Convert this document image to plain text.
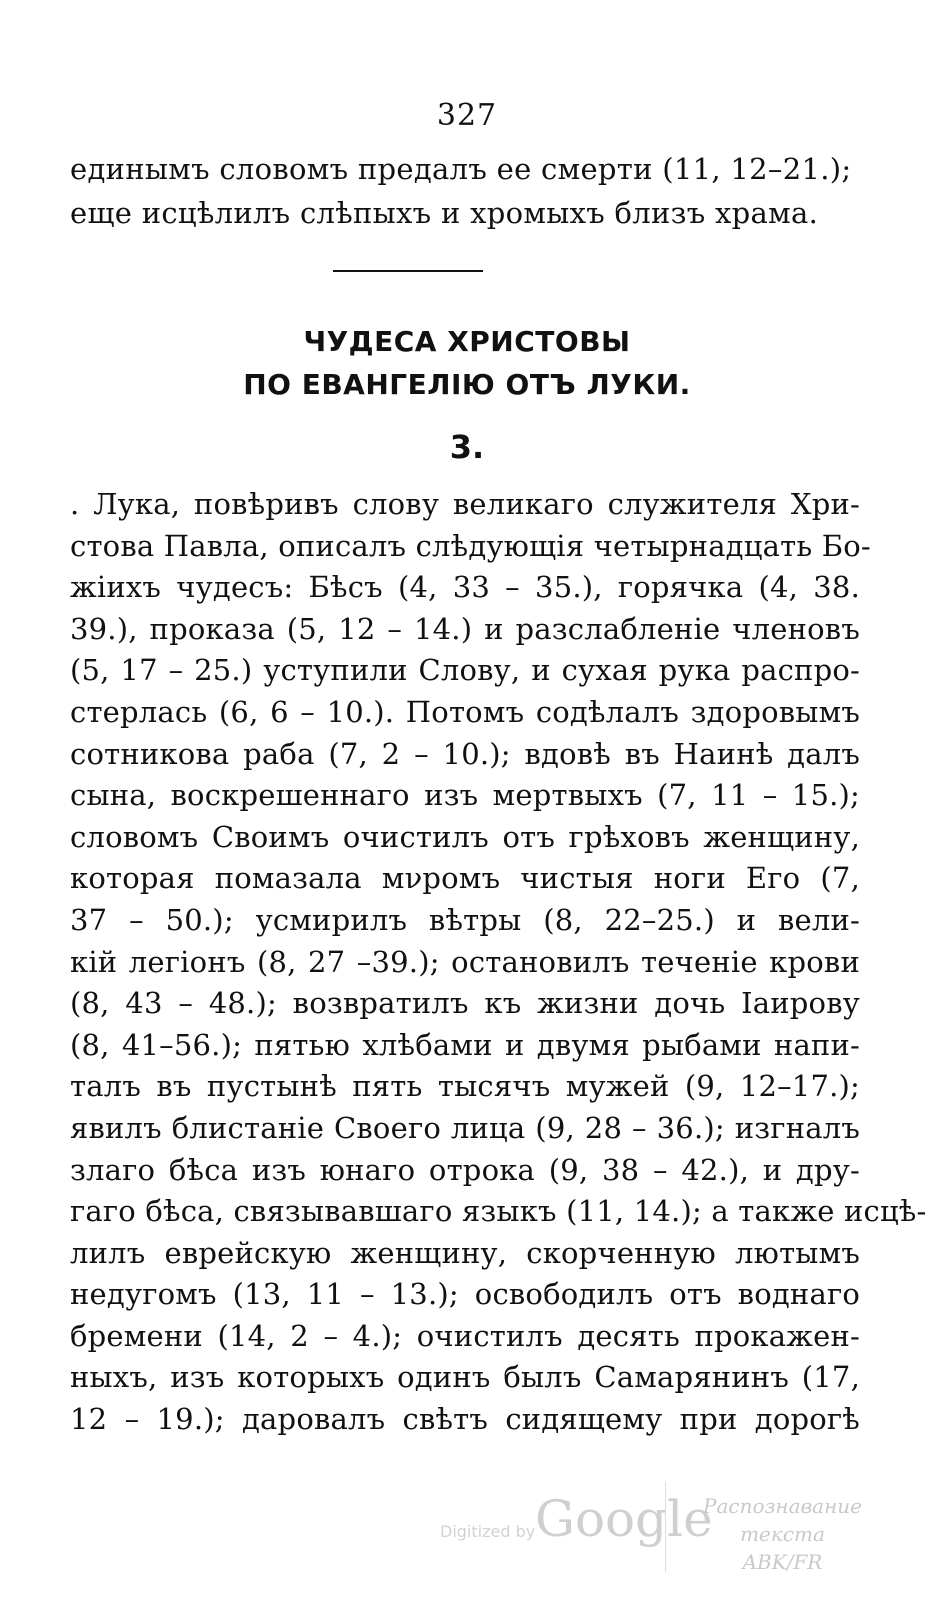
327
единымъ словомъ предалъ ее смерти (11, 12–21.);
еще исцѣлилъ слѣпыхъ и хромыхъ близъ храма.
ЧУДЕСА ХРИСТОВЫ
ПО ЕВАНГЕЛІЮ ОТЪ ЛУКИ.
3.
. Лука, повѣривъ слову великаго служителя Хри-
стова Павла, описалъ слѣдующія четырнадцать Бо-
жіихъ чудесъ: Бѣсъ (4, 33 – 35.), горячка (4, 38.
39.), проказа (5, 12 – 14.) и разслабленіе членовъ
(5, 17 – 25.) уступили Слову, и сухая рука распро-
стерлась (6, 6 – 10.). Потомъ содѣлалъ здоровымъ
сотникова раба (7, 2 – 10.); вдовѣ въ Наинѣ далъ
сына, воскрешеннаго изъ мертвыхъ (7, 11 – 15.);
словомъ Своимъ очистилъ отъ грѣховъ женщину,
которая помазала мνромъ чистыя ноги Его (7,
37 – 50.); усмирилъ вѣтры (8, 22–25.) и вели-
кій легіонъ (8, 27 –39.); остановилъ теченіе крови
(8, 43 – 48.); возвратилъ къ жизни дочь Іаирову
(8, 41–56.); пятью хлѣбами и двумя рыбами напи-
талъ въ пустынѣ пять тысячъ мужей (9, 12–17.);
явилъ блистаніе Своего лица (9, 28 – 36.); изгналъ
злаго бѣса изъ юнаго отрока (9, 38 – 42.), и дру-
гаго бѣса, связывавшаго языкъ (11, 14.); а также исцѣ-
лилъ еврейскую женщину, скорченную лютымъ
недугомъ (13, 11 – 13.); освободилъ отъ воднаго
бремени (14, 2 – 4.); очистилъ десять прокажен-
ныхъ, изъ которыхъ одинъ былъ Самарянинъ (17,
12 – 19.); даровалъ свѣтъ сидящему при дорогѣ
Digitized by Google
Распознавание текста
ABK/FR
